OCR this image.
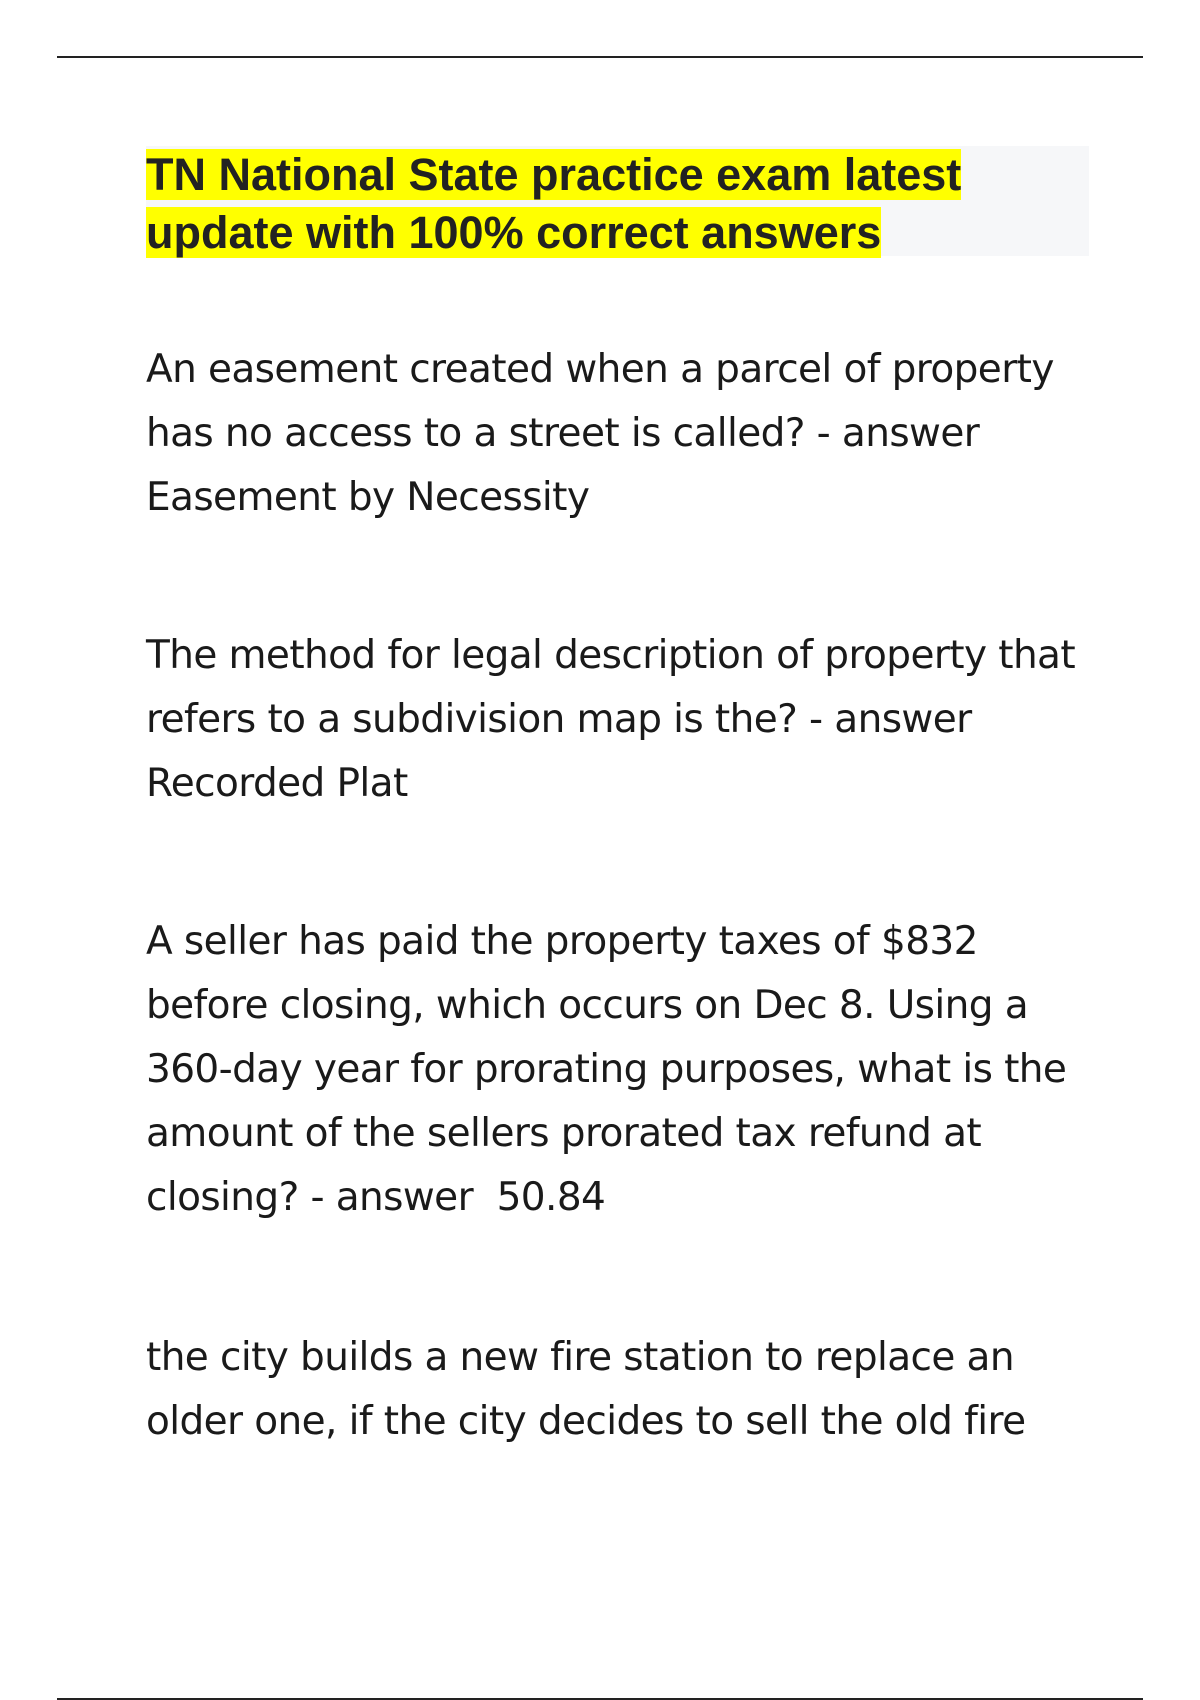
TN National State practice exam latest update with 100% correct answers

An easement created when a parcel of property has no access to a street is called? - answer Easement by Necessity

The method for legal description of property that refers to a subdivision map is the? - answer Recorded Plat

A seller has paid the property taxes of $832 before closing, which occurs on Dec 8. Using a 360-day year for prorating purposes, what is the amount of the sellers prorated tax refund at closing? - answer  50.84

the city builds a new fire station to replace an older one, if the city decides to sell the old fire
